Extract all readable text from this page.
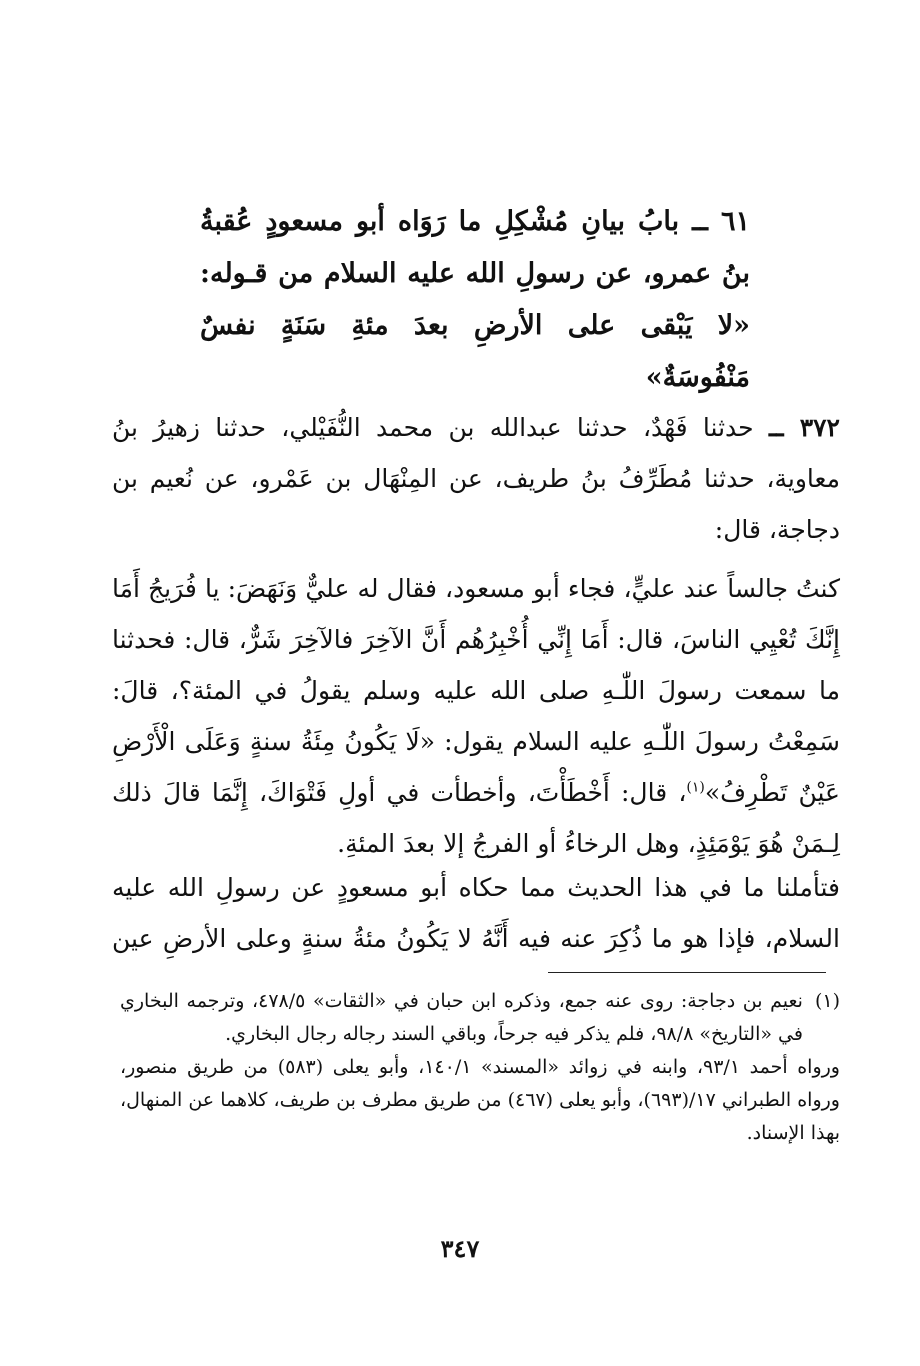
٦١ ــ بابُ بيانِ مُشْكِلِ ما رَوَاه أبو مسعودٍ عُقبةُ بنُ عمرو، عن رسولِ الله عليه السلام من قـوله: «لا يَبْقى على الأرضِ بعدَ مئةِ سَنَةٍ نفسٌ مَنْفُوسَةٌ»
٣٧٢ ــ حدثنا فَهْدٌ، حدثنا عبدالله بن محمد النُّفَيْلي، حدثنا زهيرُ بنُ معاوية، حدثنا مُطَرِّفُ بنُ طريف، عن المِنْهَال بن عَمْرو، عن نُعيم بن دجاجة، قال:
كنتُ جالساً عند عليٍّ، فجاء أبو مسعود، فقال له عليٌّ وَنَهَضَ: يا فُرَيجُ أَمَا إِنَّكَ تُعْيِي الناسَ، قال: أَمَا إِنِّي أُخْبِرُهُم أَنَّ الآخِرَ فالآخِرَ شَرٌّ، قال: فحدثنا ما سمعت رسولَ اللّٰـهِ صلى الله عليه وسلم يقولُ في المئة؟، قالَ: سَمِعْتُ رسولَ اللّٰـهِ عليه السلام يقول: «لَا يَكُونُ مِئَةُ سنةٍ وَعَلَى الْأَرْضِ عَيْنٌ تَطْرِفُ»$^{(١)}$، قال: أَخْطَأْتَ، وأخطأت في أولِ فَتْوَاكَ، إِنَّمَا قالَ ذلك لِـمَنْ هُوَ يَوْمَئِذٍ، وهل الرخاءُ أو الفرجُ إلا بعدَ المئةِ.
فتأملنا ما في هذا الحديث مما حكاه أبو مسعودٍ عن رسولِ الله عليه السلام، فإذا هو ما ذُكِرَ عنه فيه أَنَّهُ لا يَكُونُ مئةُ سنةٍ وعلى الأرضِ عين
(١)
نعيم بن دجاجة: روى عنه جمع، وذكره ابن حبان في «الثقات» ٤٧٨/٥، وترجمه البخاري في «التاريخ» ٩٨/٨، فلم يذكر فيه جرحاً، وباقي السند رجاله رجال البخاري.
ورواه أحمد ٩٣/١، وابنه في زوائد «المسند» ١٤٠/١، وأبو يعلى (٥٨٣) من طريق منصور، ورواه الطبراني ١٧/(٦٩٣)، وأبو يعلى (٤٦٧) من طريق مطرف بن طريف، كلاهما عن المنهال، بهذا الإسناد.
٣٤٧
